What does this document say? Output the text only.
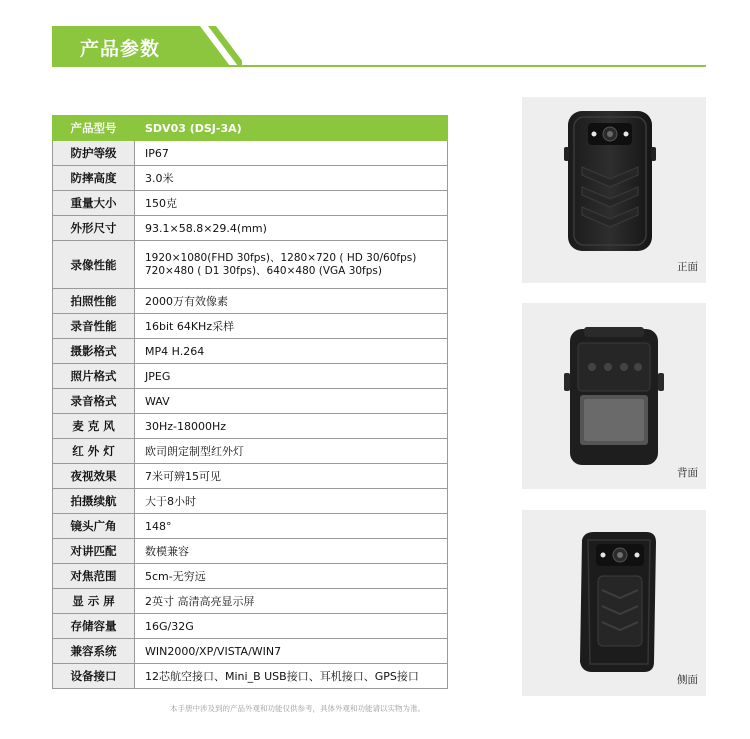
产品参数
产品型号	SDV03 (DSJ-3A)
防护等级	IP67
防摔高度	3.0米
重量大小	150克
外形尺寸	93.1×58.8×29.4(mm)
录像性能	1920×1080(FHD 30fps)、1280×720 ( HD 30/60fps)
720×480 ( D1 30fps)、640×480 (VGA 30fps)

拍照性能	2000万有效像素
录音性能	16bit 64KHz采样
摄影格式	MP4 H.264
照片格式	JPEG
录音格式	WAV
麦 克 风	30Hz-18000Hz
红 外 灯	欧司朗定制型红外灯
夜视效果	7米可辨15可见
拍摄续航	大于8小时
镜头广角	148°
对讲匹配	数模兼容
对焦范围	5cm-无穷远
显 示 屏	2英寸 高清高亮显示屏
存储容量	16G/32G
兼容系统	WIN2000/XP/VISTA/WIN7
设备接口	12芯航空接口、Mini_B USB接口、耳机接口、GPS接口
本手册中涉及到的产品外观和功能仅供参考，具体外观和功能请以实物为准。
正面
背面
侧面
